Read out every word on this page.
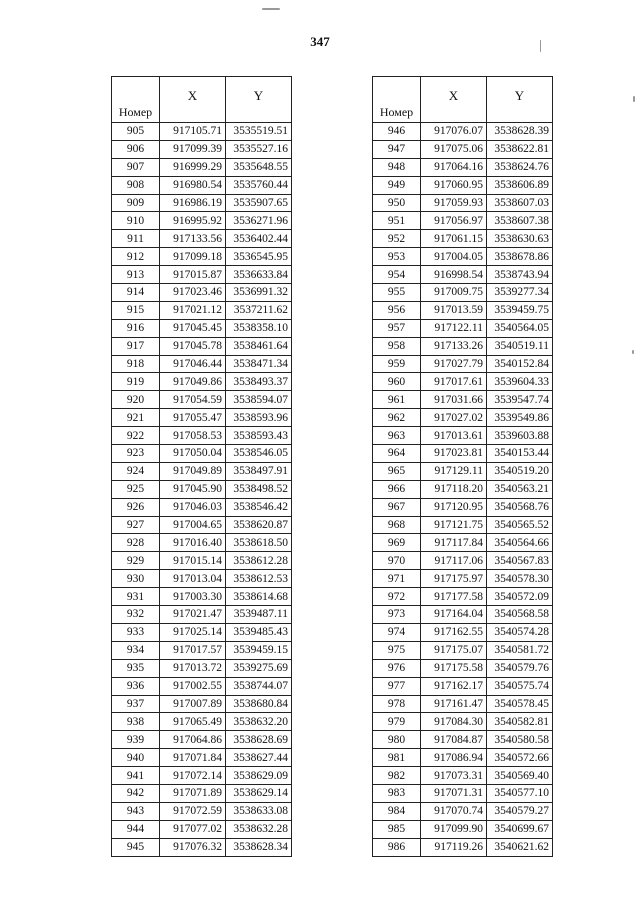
347
Номер	X	Y
905	917105.71	3535519.51
906	917099.39	3535527.16
907	916999.29	3535648.55
908	916980.54	3535760.44
909	916986.19	3535907.65
910	916995.92	3536271.96
911	917133.56	3536402.44
912	917099.18	3536545.95
913	917015.87	3536633.84
914	917023.46	3536991.32
915	917021.12	3537211.62
916	917045.45	3538358.10
917	917045.78	3538461.64
918	917046.44	3538471.34
919	917049.86	3538493.37
920	917054.59	3538594.07
921	917055.47	3538593.96
922	917058.53	3538593.43
923	917050.04	3538546.05
924	917049.89	3538497.91
925	917045.90	3538498.52
926	917046.03	3538546.42
927	917004.65	3538620.87
928	917016.40	3538618.50
929	917015.14	3538612.28
930	917013.04	3538612.53
931	917003.30	3538614.68
932	917021.47	3539487.11
933	917025.14	3539485.43
934	917017.57	3539459.15
935	917013.72	3539275.69
936	917002.55	3538744.07
937	917007.89	3538680.84
938	917065.49	3538632.20
939	917064.86	3538628.69
940	917071.84	3538627.44
941	917072.14	3538629.09
942	917071.89	3538629.14
943	917072.59	3538633.08
944	917077.02	3538632.28
945	917076.32	3538628.34
Номер	X	Y
946	917076.07	3538628.39
947	917075.06	3538622.81
948	917064.16	3538624.76
949	917060.95	3538606.89
950	917059.93	3538607.03
951	917056.97	3538607.38
952	917061.15	3538630.63
953	917004.05	3538678.86
954	916998.54	3538743.94
955	917009.75	3539277.34
956	917013.59	3539459.75
957	917122.11	3540564.05
958	917133.26	3540519.11
959	917027.79	3540152.84
960	917017.61	3539604.33
961	917031.66	3539547.74
962	917027.02	3539549.86
963	917013.61	3539603.88
964	917023.81	3540153.44
965	917129.11	3540519.20
966	917118.20	3540563.21
967	917120.95	3540568.76
968	917121.75	3540565.52
969	917117.84	3540564.66
970	917117.06	3540567.83
971	917175.97	3540578.30
972	917177.58	3540572.09
973	917164.04	3540568.58
974	917162.55	3540574.28
975	917175.07	3540581.72
976	917175.58	3540579.76
977	917162.17	3540575.74
978	917161.47	3540578.45
979	917084.30	3540582.81
980	917084.87	3540580.58
981	917086.94	3540572.66
982	917073.31	3540569.40
983	917071.31	3540577.10
984	917070.74	3540579.27
985	917099.90	3540699.67
986	917119.26	3540621.62
